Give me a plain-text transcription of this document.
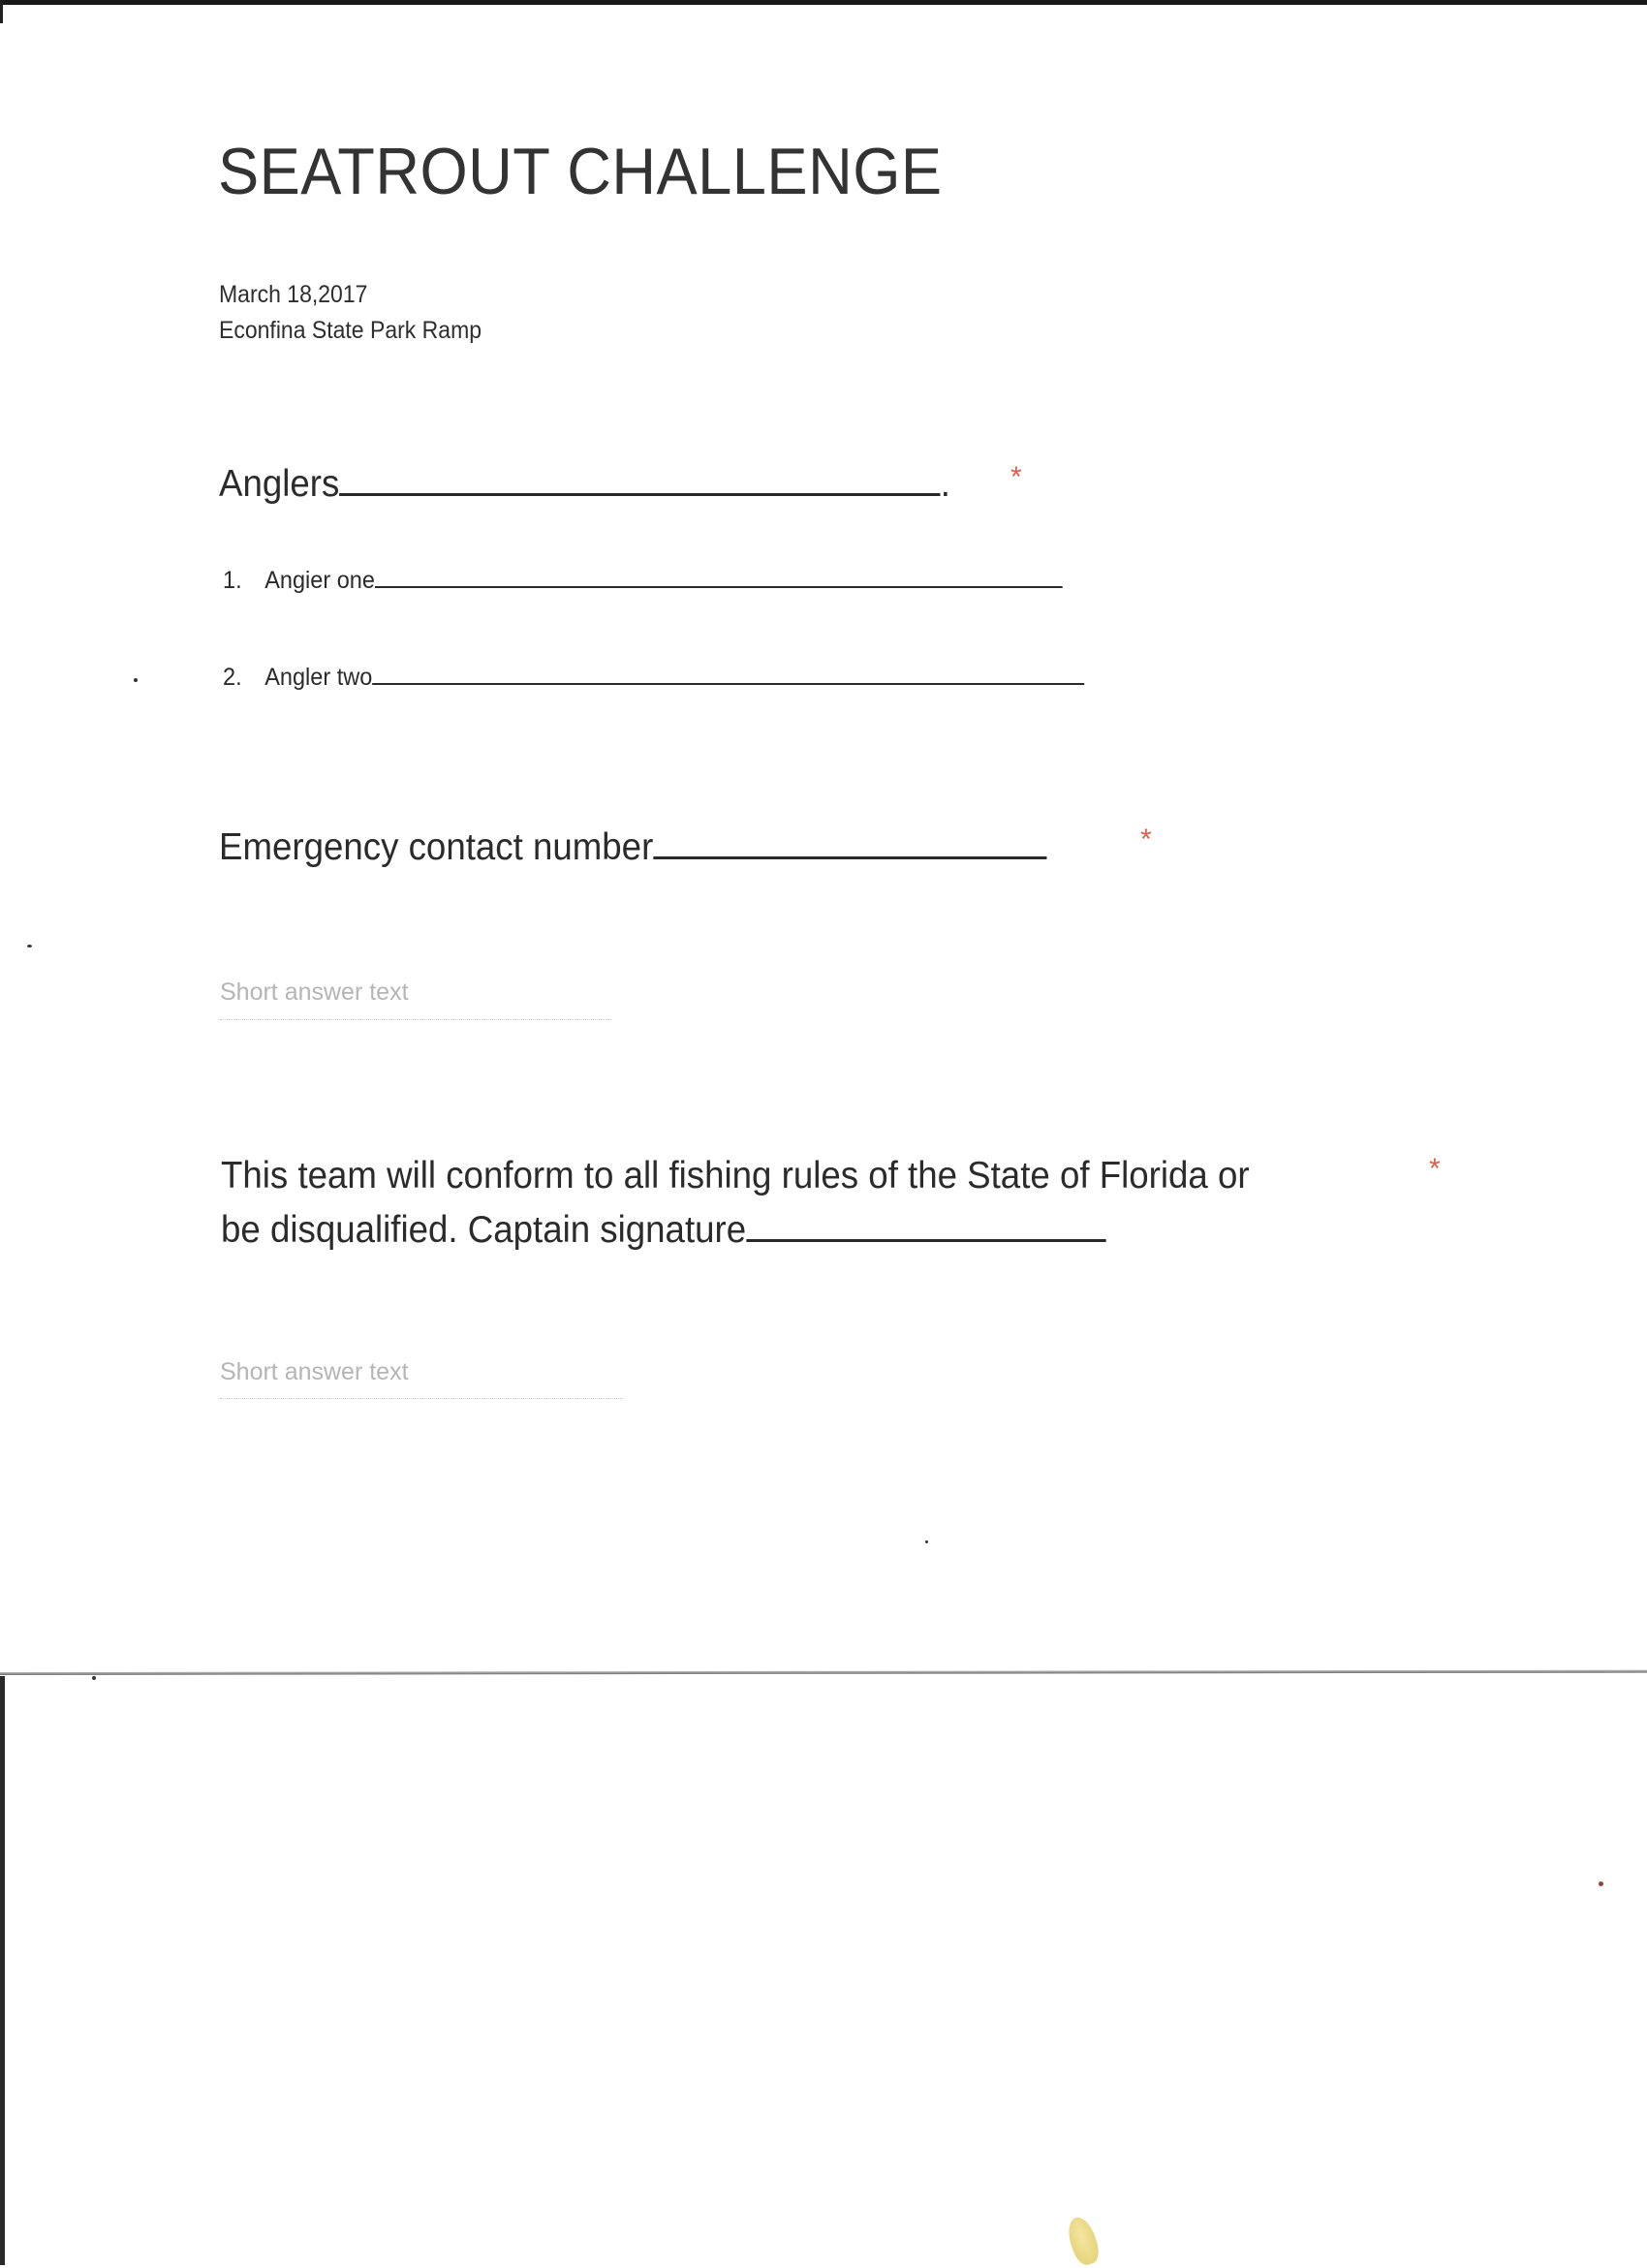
SEATROUT CHALLENGE
March 18,2017
Econfina State Park Ramp
Anglers	. *
1. Angier one
2. Angler two
Emergency contact number	*
Short answer text
This team will conform to all fishing rules of the State of Florida or
be disqualified. Captain signature
*
Short answer text
